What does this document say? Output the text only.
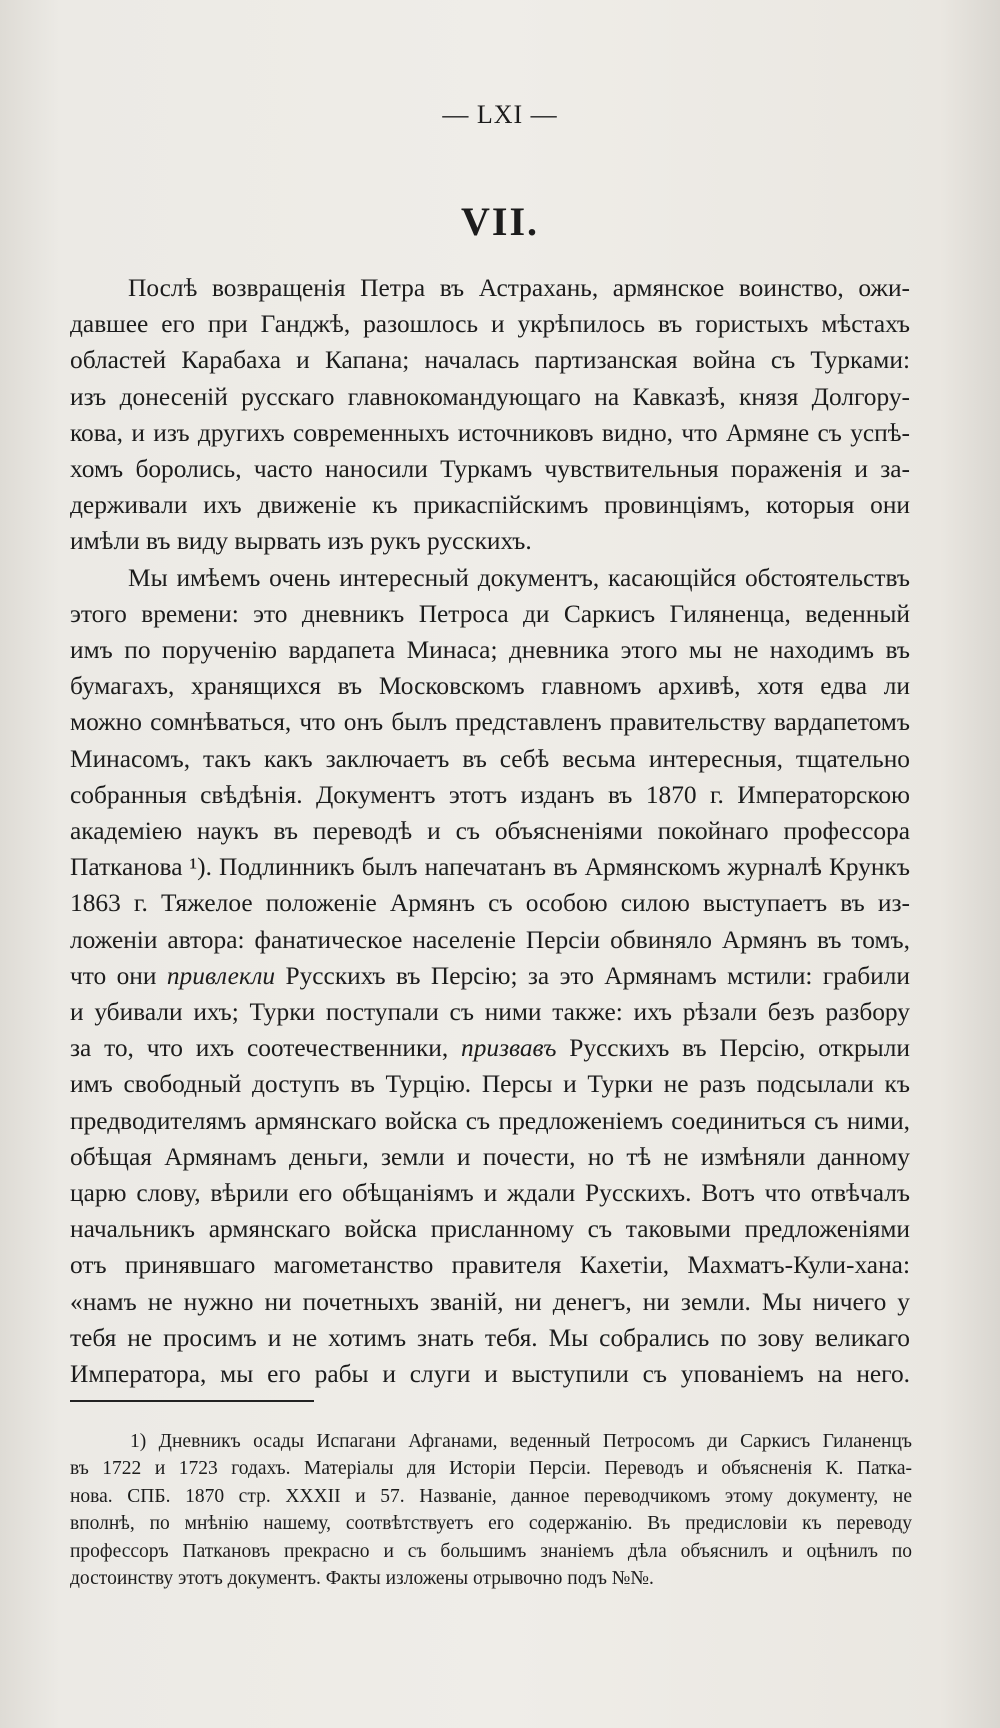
— LXI —
VII.
Послѣ возвращенія Петра въ Астрахань, армянское воинство, ожи-
давшее его при Ганджѣ, разошлось и укрѣпилось въ гористыхъ мѣстахъ
областей Карабаха и Капана; началась партизанская война съ Турками:
изъ донесеній русскаго главнокомандующаго на Кавказѣ, князя Долгору-
кова, и изъ другихъ современныхъ источниковъ видно, что Армяне съ успѣ-
хомъ боролись, часто наносили Туркамъ чувствительныя пораженія и за-
держивали ихъ движеніе къ прикаспійскимъ провинціямъ, которыя они
имѣли въ виду вырвать изъ рукъ русскихъ.
Мы имѣемъ очень интересный документъ, касающійся обстоятельствъ
этого времени: это дневникъ Петроса ди Саркисъ Гиляненца, веденный
имъ по порученію вардапета Минаса; дневника этого мы не находимъ въ
бумагахъ, хранящихся въ Московскомъ главномъ архивѣ, хотя едва ли
можно сомнѣваться, что онъ былъ представленъ правительству вардапетомъ
Минасомъ, такъ какъ заключаетъ въ себѣ весьма интересныя, тщательно
собранныя свѣдѣнія. Документъ этотъ изданъ въ 1870 г. Императорскою
академіею наукъ въ переводѣ и съ объясненіями покойнаго профессора
Патканова ¹). Подлинникъ былъ напечатанъ въ Армянскомъ журналѣ Крункъ
1863 г. Тяжелое положеніе Армянъ съ особою силою выступаетъ въ из-
ложеніи автора: фанатическое населеніе Персіи обвиняло Армянъ въ томъ,
что они привлекли Русскихъ въ Персію; за это Армянамъ мстили: грабили
и убивали ихъ; Турки поступали съ ними также: ихъ рѣзали безъ разбору
за то, что ихъ соотечественники, призвавъ Русскихъ въ Персію, открыли
имъ свободный доступъ въ Турцію. Персы и Турки не разъ подсылали къ
предводителямъ армянскаго войска съ предложеніемъ соединиться съ ними,
обѣщая Армянамъ деньги, земли и почести, но тѣ не измѣняли данному
царю слову, вѣрили его обѣщаніямъ и ждали Русскихъ. Вотъ что отвѣчалъ
начальникъ армянскаго войска присланному съ таковыми предложеніями
отъ принявшаго магометанство правителя Кахетіи, Махматъ-Кули-хана:
«намъ не нужно ни почетныхъ званій, ни денегъ, ни земли. Мы ничего у
тебя не просимъ и не хотимъ знать тебя. Мы собрались по зову великаго
Императора, мы его рабы и слуги и выступили съ упованіемъ на него.
1) Дневникъ осады Испагани Афганами, веденный Петросомъ ди Саркисъ Гиланенцъ
въ 1722 и 1723 годахъ. Матеріалы для Исторіи Персіи. Переводъ и объясненія К. Патка-
нова. СПБ. 1870 стр. XXXII и 57. Названіе, данное переводчикомъ этому документу, не
вполнѣ, по мнѣнію нашему, соотвѣтствуетъ его содержанію. Въ предисловіи къ переводу
профессоръ Паткановъ прекрасно и съ большимъ знаніемъ дѣла объяснилъ и оцѣнилъ по
достоинству этотъ документъ. Факты изложены отрывочно подъ №№.
